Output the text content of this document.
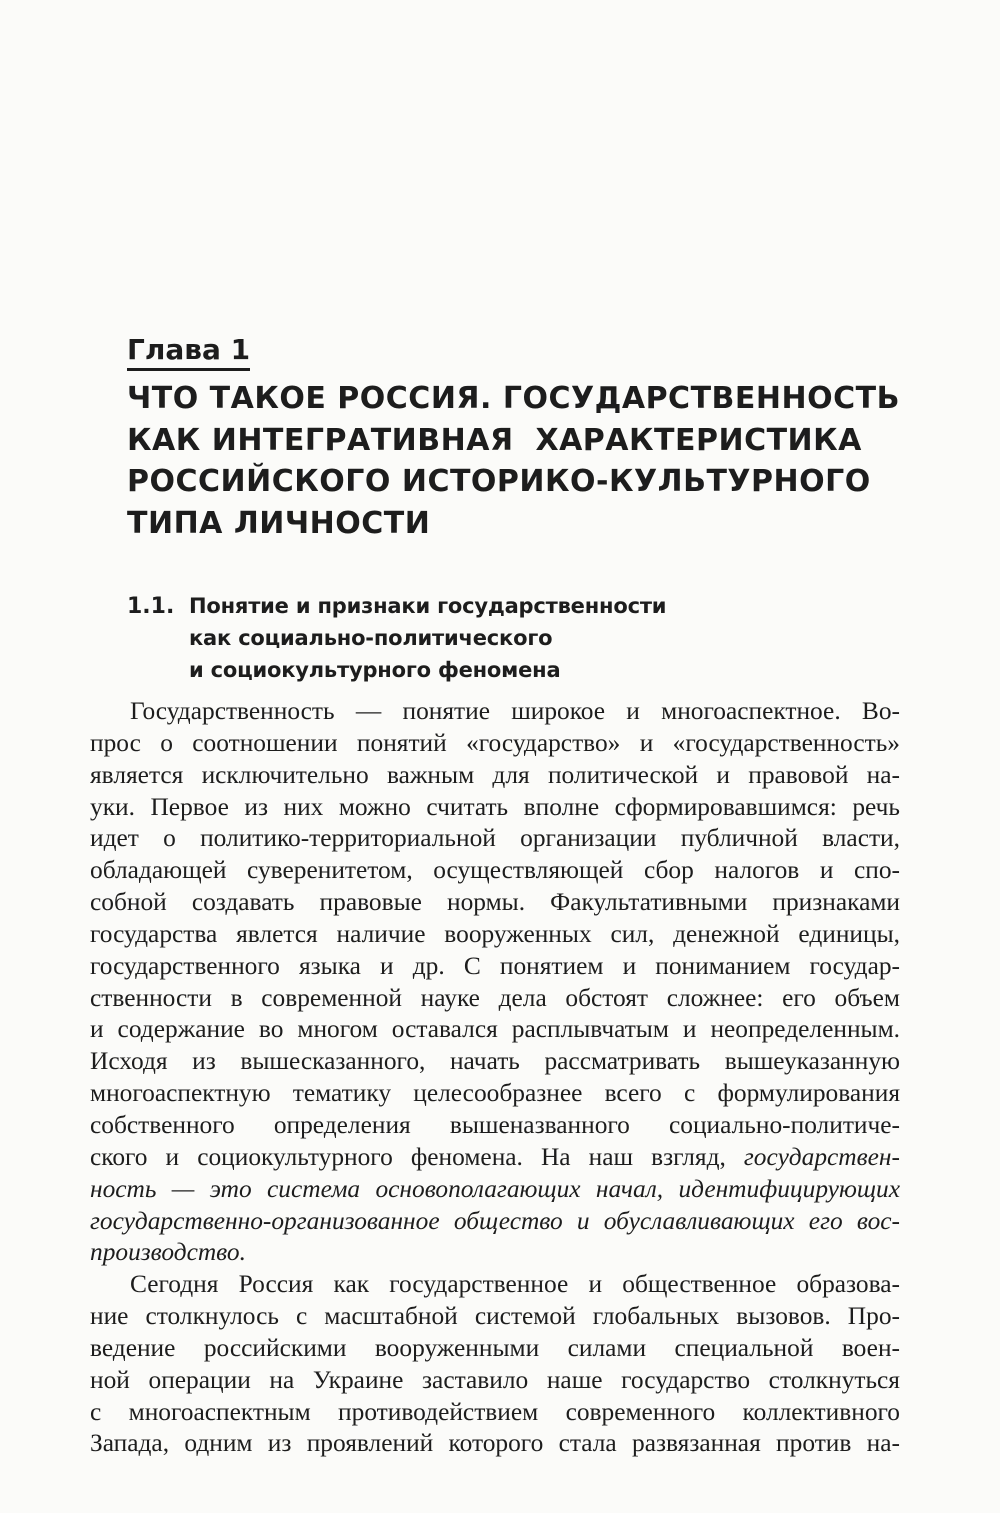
Глава 1
ЧТО ТАКОЕ РОССИЯ. ГОСУДАРСТВЕННОСТЬ
КАК ИНТЕГРАТИВНАЯ  ХАРАКТЕРИСТИКА
РОССИЙСКОГО ИСТОРИКО-КУЛЬТУРНОГО
ТИПА ЛИЧНОСТИ
1.1. Понятие и признаки государственности
как социально-политического
и социокультурного феномена
Государственность — понятие широкое и многоаспектное. Во-
прос о соотношении понятий «государство» и «государственность»
является исключительно важным для политической и правовой на-
уки. Первое из них можно считать вполне сформировавшимся: речь
идет о политико-территориальной организации публичной власти,
обладающей суверенитетом, осуществляющей сбор налогов и спо-
собной создавать правовые нормы. Факультативными признаками
государства явлется наличие вооруженных сил, денежной единицы,
государственного языка и др. С понятием и пониманием государ-
ственности в современной науке дела обстоят сложнее: его объем
и содержание во многом оставался расплывчатым и неопределенным.
Исходя из вышесказанного, начать рассматривать вышеуказанную
многоаспектную тематику целесообразнее всего с формулирования
собственного определения вышеназванного социально-политиче-
ского и социокультурного феномена. На наш взгляд, государствен-
ность — это система основополагающих начал, идентифицирующих
государственно-организованное общество и обуславливающих его вос-
производство.
Сегодня Россия как государственное и общественное образова-
ние столкнулось с масштабной системой глобальных вызовов. Про-
ведение российскими вооруженными силами специальной воен-
ной операции на Украине заставило наше государство столкнуться
с многоаспектным противодействием современного коллективного
Запада, одним из проявлений которого стала развязанная против на-
